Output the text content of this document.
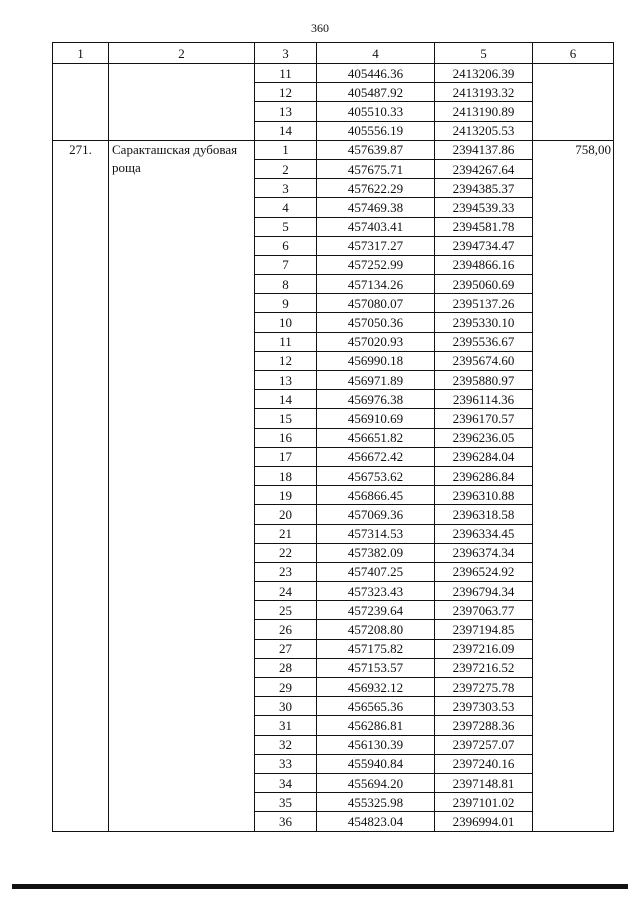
360
1	2	3	4	5	6
		11	405446.36	2413206.39	
		12	405487.92	2413193.32	
		13	405510.33	2413190.89	
		14	405556.19	2413205.53	
271.	Саракташская дубовая роща	1	457639.87	2394137.86	758,00
		2	457675.71	2394267.64	
		3	457622.29	2394385.37	
		4	457469.38	2394539.33	
		5	457403.41	2394581.78	
		6	457317.27	2394734.47	
		7	457252.99	2394866.16	
		8	457134.26	2395060.69	
		9	457080.07	2395137.26	
		10	457050.36	2395330.10	
		11	457020.93	2395536.67	
		12	456990.18	2395674.60	
		13	456971.89	2395880.97	
		14	456976.38	2396114.36	
		15	456910.69	2396170.57	
		16	456651.82	2396236.05	
		17	456672.42	2396284.04	
		18	456753.62	2396286.84	
		19	456866.45	2396310.88	
		20	457069.36	2396318.58	
		21	457314.53	2396334.45	
		22	457382.09	2396374.34	
		23	457407.25	2396524.92	
		24	457323.43	2396794.34	
		25	457239.64	2397063.77	
		26	457208.80	2397194.85	
		27	457175.82	2397216.09	
		28	457153.57	2397216.52	
		29	456932.12	2397275.78	
		30	456565.36	2397303.53	
		31	456286.81	2397288.36	
		32	456130.39	2397257.07	
		33	455940.84	2397240.16	
		34	455694.20	2397148.81	
		35	455325.98	2397101.02	
		36	454823.04	2396994.01	
